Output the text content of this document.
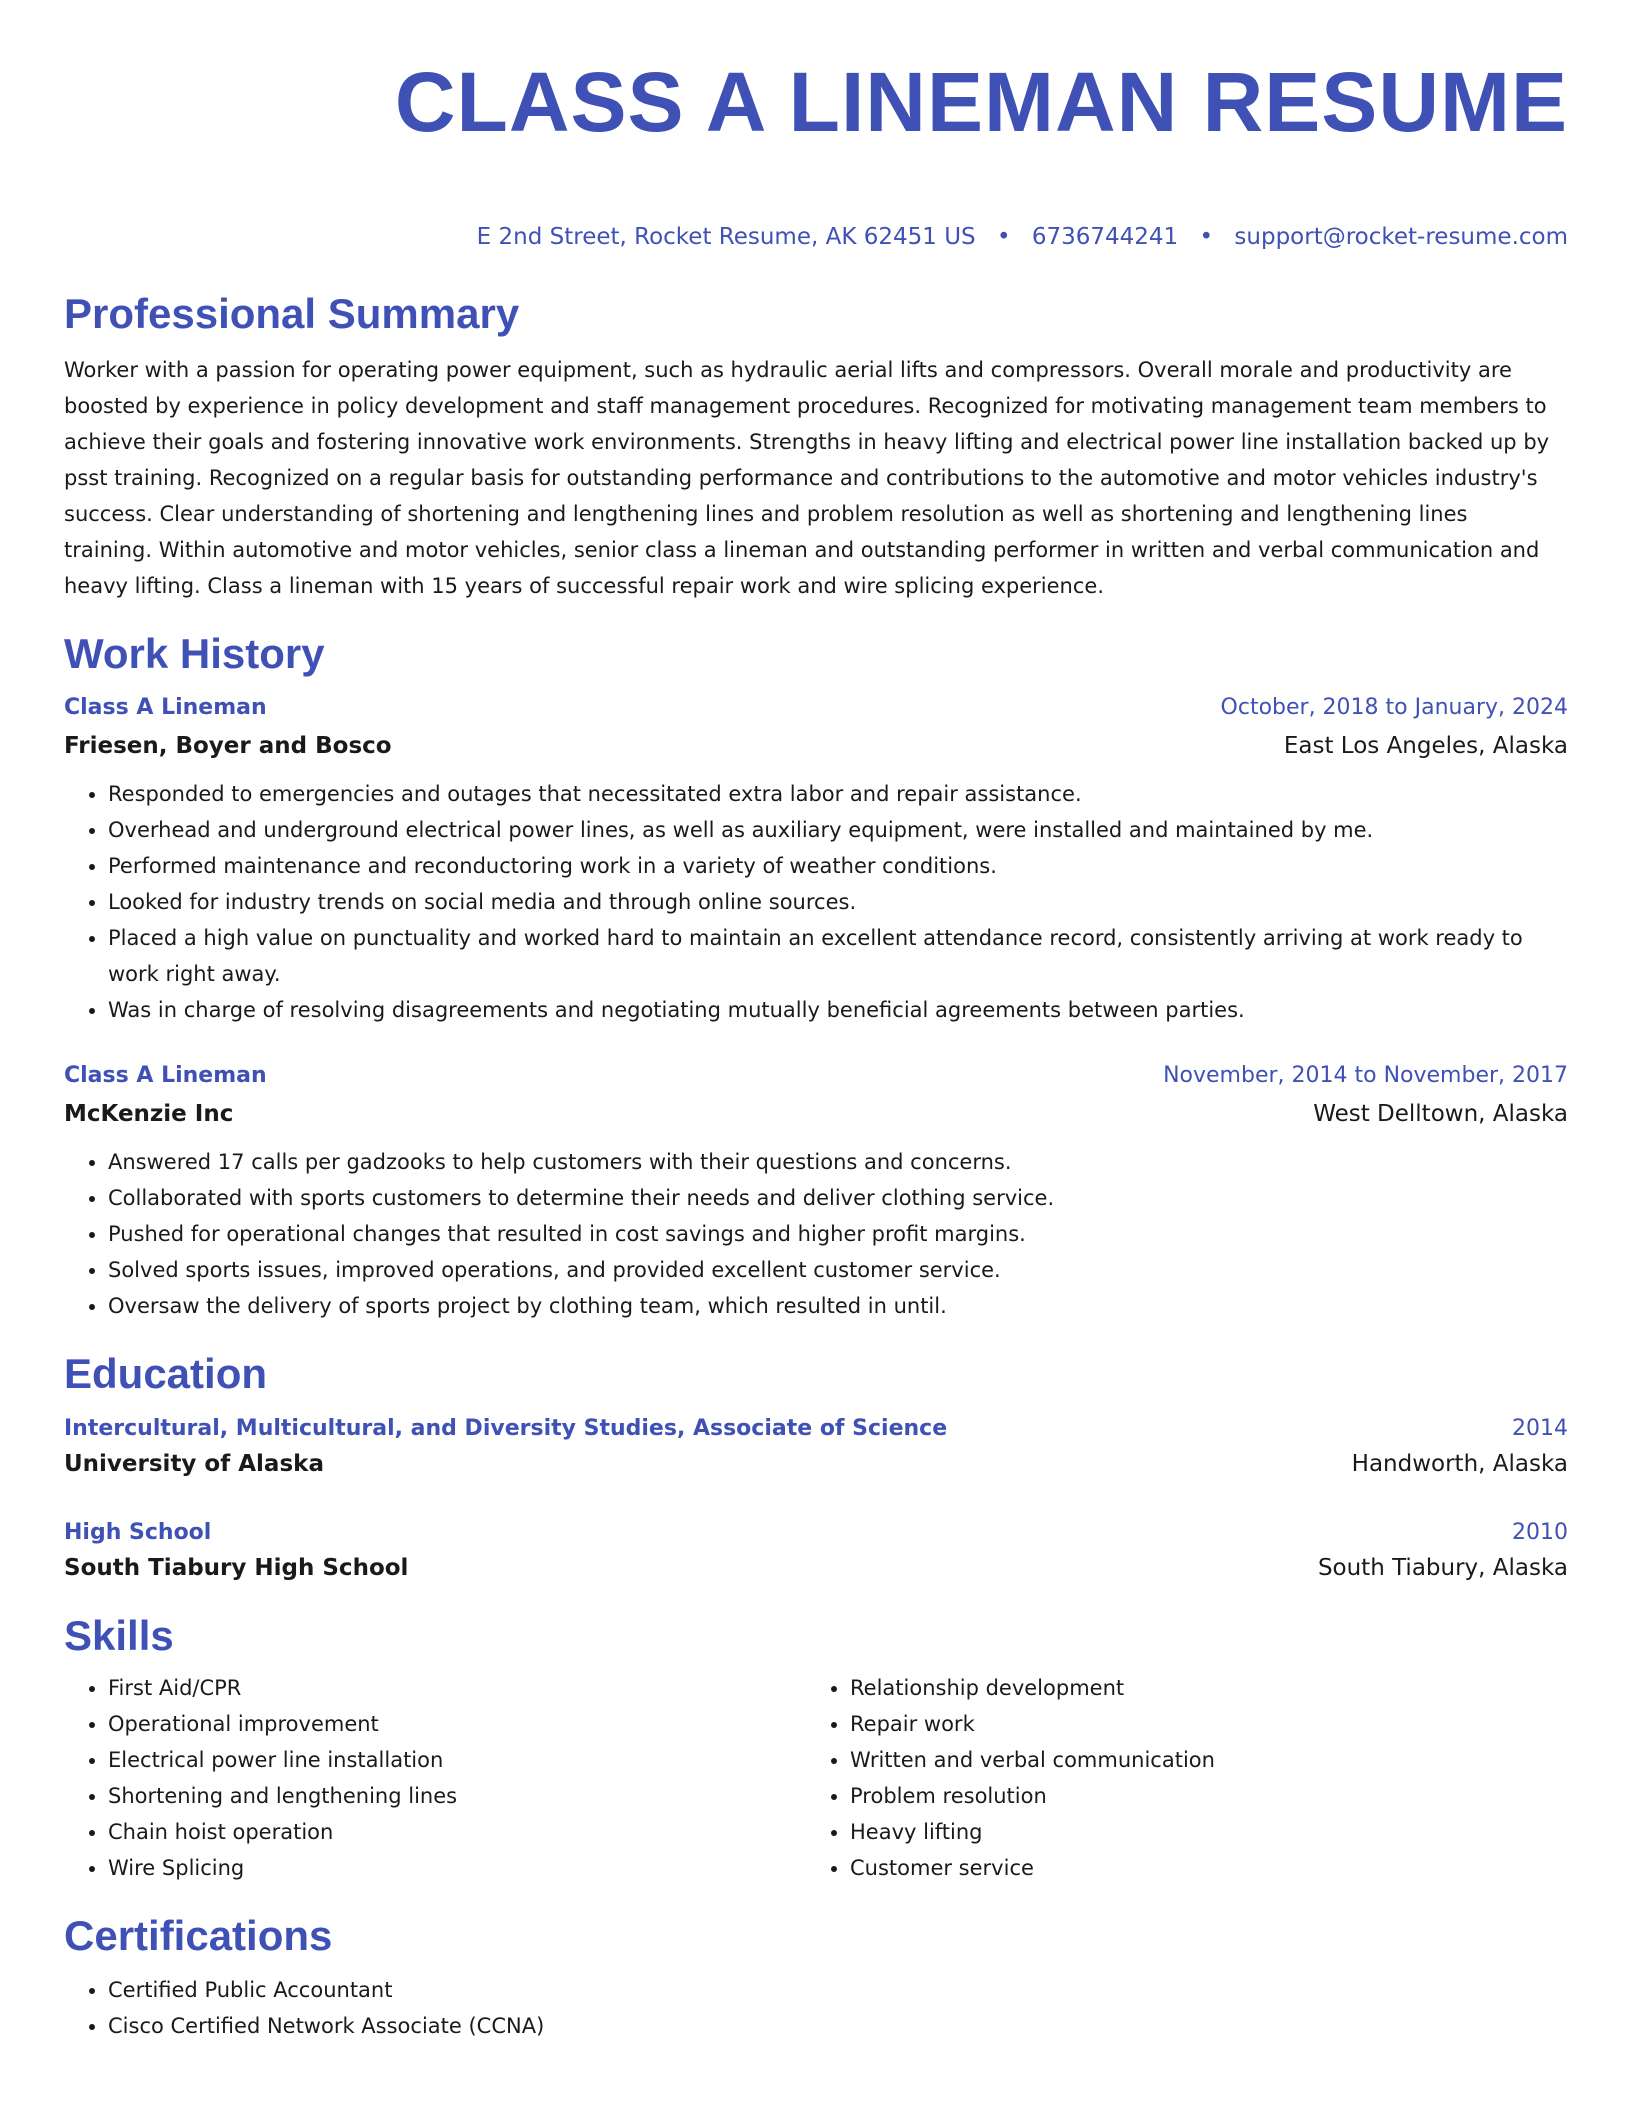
CLASS A LINEMAN RESUME
E 2nd Street, Rocket Resume, AK 62451 US • 6736744241 • support@rocket-resume.com
Professional Summary

Worker with a passion for operating power equipment, such as hydraulic aerial lifts and compressors. Overall morale and productivity are boosted by experience in policy development and staff management procedures. Recognized for motivating management team members to achieve their goals and fostering innovative work environments. Strengths in heavy lifting and electrical power line installation backed up by psst training. Recognized on a regular basis for outstanding performance and contributions to the automotive and motor vehicles industry's success. Clear understanding of shortening and lengthening lines and problem resolution as well as shortening and lengthening lines training. Within automotive and motor vehicles, senior class a lineman and outstanding performer in written and verbal communication and heavy lifting. Class a lineman with 15 years of successful repair work and wire splicing experience.

Work History
Class A Lineman	October, 2018 to January, 2024
Friesen, Boyer and Bosco	East Los Angeles, Alaska
• Responded to emergencies and outages that necessitated extra labor and repair assistance.
• Overhead and underground electrical power lines, as well as auxiliary equipment, were installed and maintained by me.
• Performed maintenance and reconductoring work in a variety of weather conditions.
• Looked for industry trends on social media and through online sources.
• Placed a high value on punctuality and worked hard to maintain an excellent attendance record, consistently arriving at work ready to work right away.
• Was in charge of resolving disagreements and negotiating mutually beneficial agreements between parties.
Class A Lineman	November, 2014 to November, 2017
McKenzie Inc	West Delltown, Alaska
• Answered 17 calls per gadzooks to help customers with their questions and concerns.
• Collaborated with sports customers to determine their needs and deliver clothing service.
• Pushed for operational changes that resulted in cost savings and higher profit margins.
• Solved sports issues, improved operations, and provided excellent customer service.
• Oversaw the delivery of sports project by clothing team, which resulted in until.
Education
Intercultural, Multicultural, and Diversity Studies, Associate of Science	2014
University of Alaska	Handworth, Alaska
High School	2010
South Tiabury High School	South Tiabury, Alaska
Skills
• First Aid/CPR
• Operational improvement
• Electrical power line installation
• Shortening and lengthening lines
• Chain hoist operation
• Wire Splicing
• Relationship development
• Repair work
• Written and verbal communication
• Problem resolution
• Heavy lifting
• Customer service
Certifications
• Certified Public Accountant
• Cisco Certified Network Associate (CCNA)
